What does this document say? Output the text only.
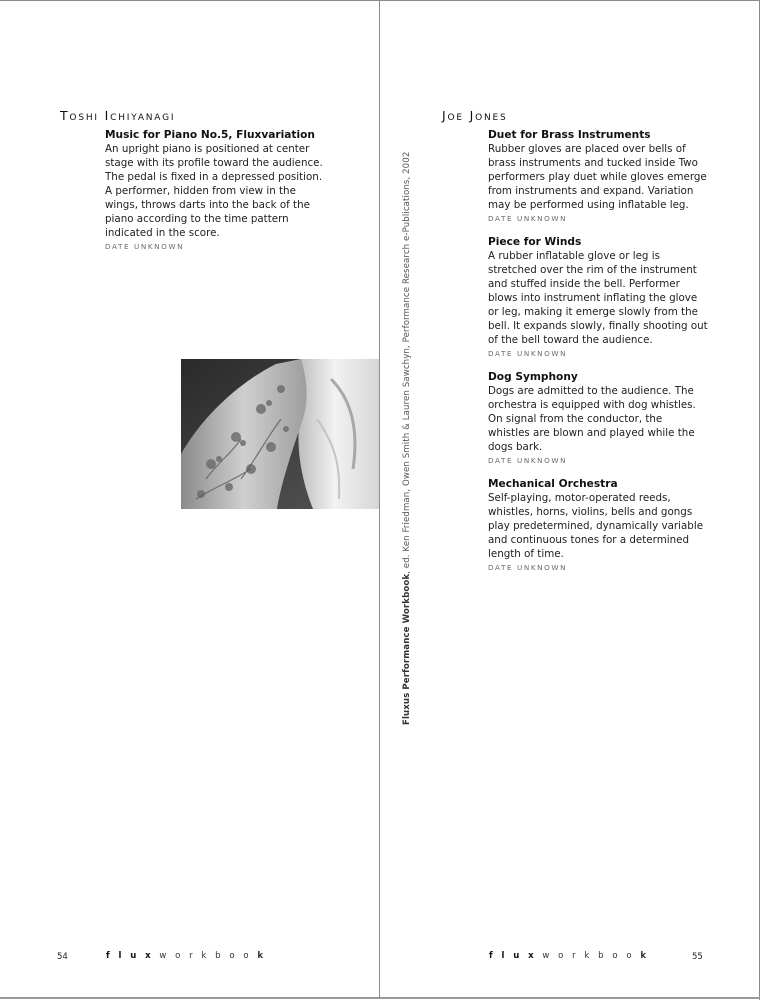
Toshi Ichiyanagi
Music for Piano No.5, Fluxvariation

An upright piano is positioned at center
stage with its profile toward the audience.
The pedal is fixed in a depressed position.
A performer, hidden from view in the
wings, throws darts into the back of the
piano according to the time pattern
indicated in the score.

DATE UNKNOWN
54	fluxworkbook
Fluxus Performance Workbook, ed. Ken Friedman, Owen Smith & Lauren Sawchyn, Performance Research e-Publications, 2002
Joe Jones
Duet for Brass Instruments

Rubber gloves are placed over bells of
brass instruments and tucked inside Two
performers play duet while gloves emerge
from instruments and expand. Variation
may be performed using inflatable leg.

DATE UNKNOWN
Piece for Winds

A rubber inflatable glove or leg is
stretched over the rim of the instrument
and stuffed inside the bell. Performer
blows into instrument inflating the glove
or leg, making it emerge slowly from the
bell. It expands slowly, finally shooting out
of the bell toward the audience.

DATE UNKNOWN
Dog Symphony

Dogs are admitted to the audience. The
orchestra is equipped with dog whistles.
On signal from the conductor, the
whistles are blown and played while the
dogs bark.

DATE UNKNOWN
Mechanical Orchestra

Self-playing, motor-operated reeds,
whistles, horns, violins, bells and gongs
play predetermined, dynamically variable
and continuous tones for a determined
length of time.

DATE UNKNOWN
fluxworkbook	55
